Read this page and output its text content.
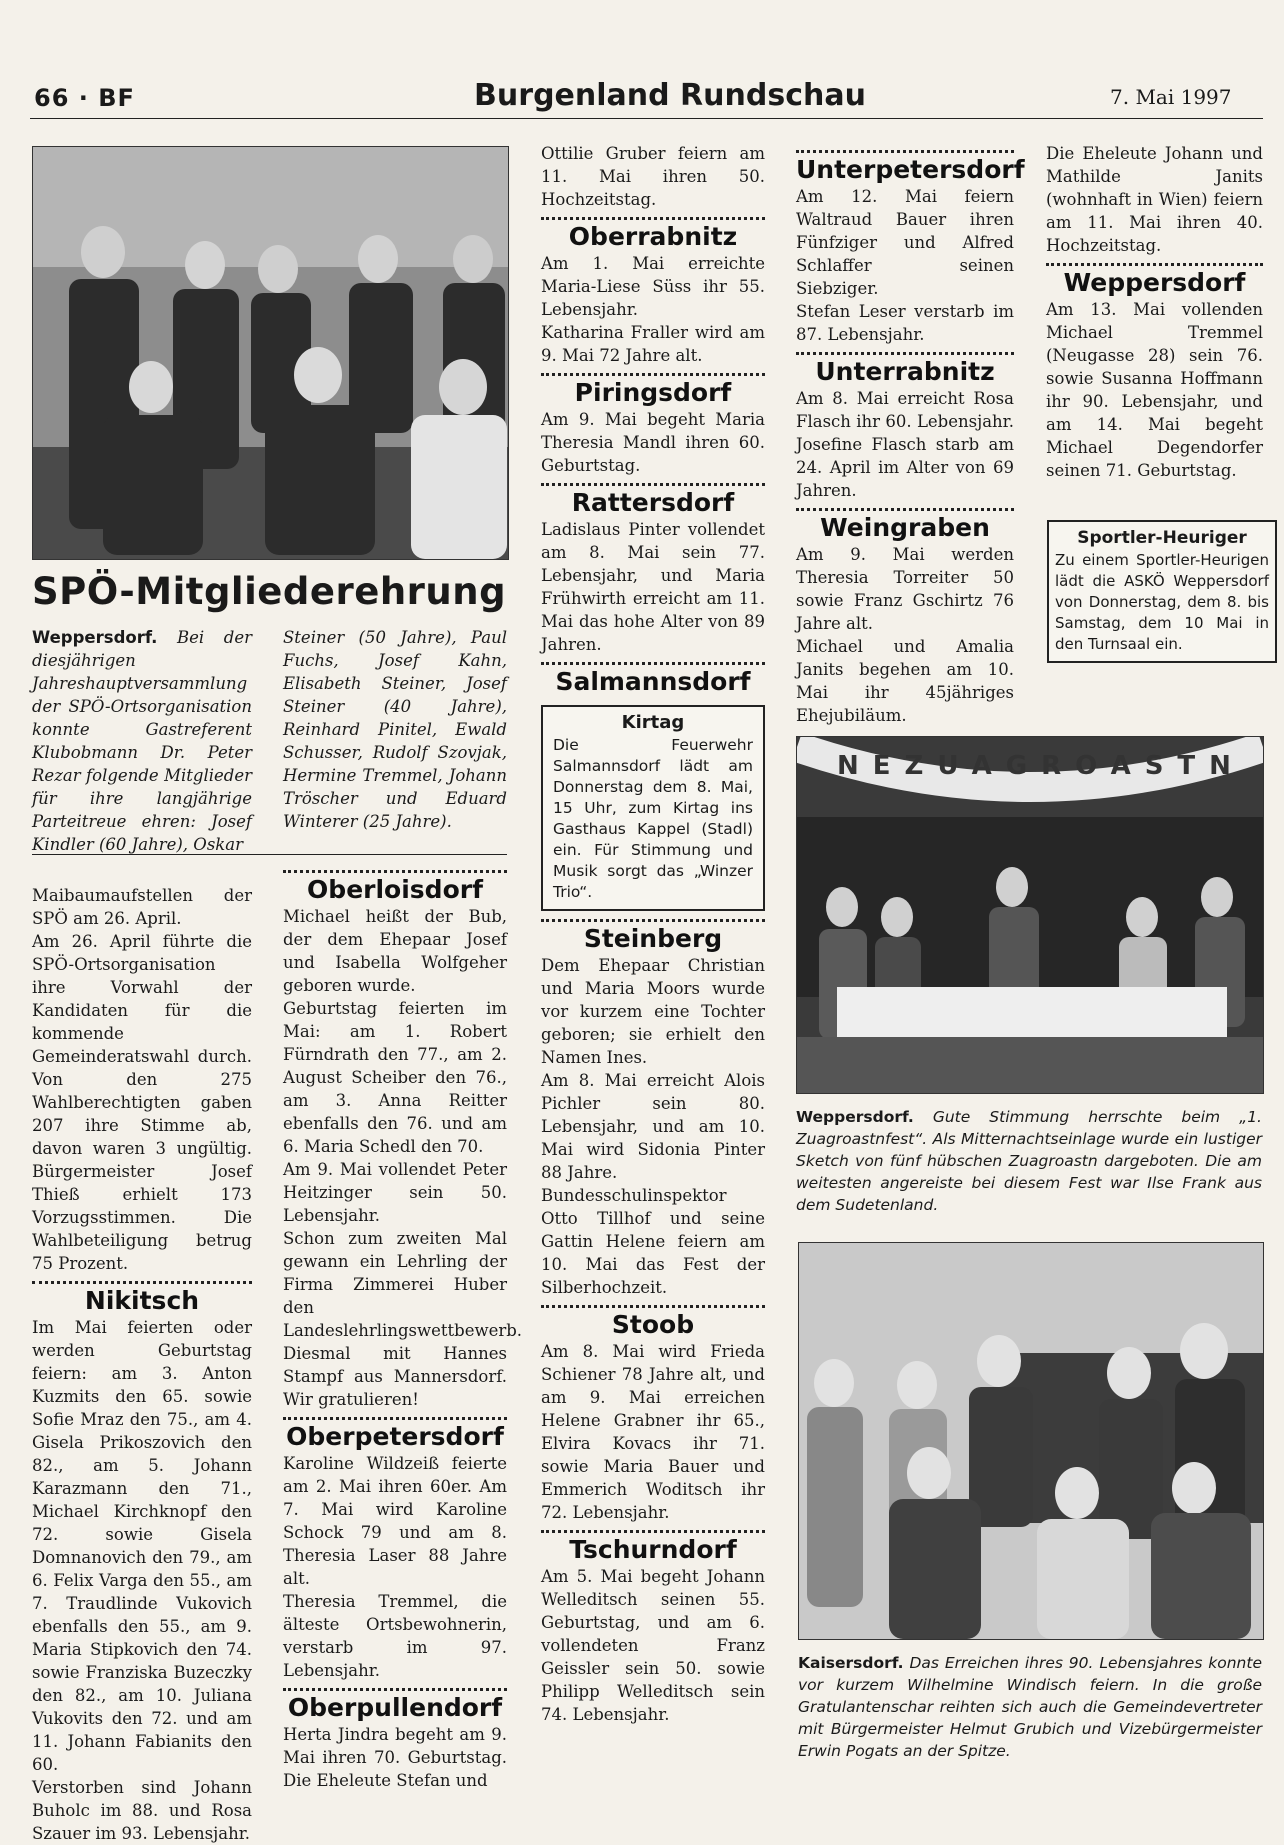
66 · BF	Burgenland Rundschau	7. Mai 1997
SPÖ-Mitgliederehrung
Weppersdorf. Bei der diesjährigen Jahreshauptversammlung der SPÖ-Ortsorganisation konnte Gastreferent Klubobmann Dr. Peter Rezar folgende Mitglieder für ihre langjährige Parteitreue ehren: Josef Kindler (60 Jahre), Oskar
Steiner (50 Jahre), Paul Fuchs, Josef Kahn, Elisabeth Steiner, Josef Steiner (40 Jahre), Reinhard Pinitel, Ewald Schusser, Rudolf Szovjak, Hermine Tremmel, Johann Tröscher und Eduard Winterer (25 Jahre).

Maibaumaufstellen der SPÖ am 26. April.

Am 26. April führte die SPÖ-Ortsorganisation ihre Vorwahl der Kandidaten für die kommende Gemeinderatswahl durch. Von den 275 Wahlberechtigten gaben 207 ihre Stimme ab, davon waren 3 ungültig. Bürgermeister Josef Thieß erhielt 173 Vorzugsstimmen. Die Wahlbeteiligung betrug 75 Prozent.

Nikitsch

Im Mai feierten oder werden Geburtstag feiern: am 3. Anton Kuzmits den 65. sowie Sofie Mraz den 75., am 4. Gisela Prikoszovich den 82., am 5. Johann Karazmann den 71., Michael Kirchknopf den 72. sowie Gisela Domnanovich den 79., am 6. Felix Varga den 55., am 7. Traudlinde Vukovich ebenfalls den 55., am 9. Maria Stipkovich den 74. sowie Franziska Buzeczky den 82., am 10. Juliana Vukovits den 72. und am 11. Johann Fabianits den 60.

Verstorben sind Johann Buholc im 88. und Rosa Szauer im 93. Lebensjahr.

Oberloisdorf

Michael heißt der Bub, der dem Ehepaar Josef und Isabella Wolfgeher geboren wurde.

Geburtstag feierten im Mai: am 1. Robert Fürndrath den 77., am 2. August Scheiber den 76., am 3. Anna Reitter ebenfalls den 76. und am 6. Maria Schedl den 70.

Am 9. Mai vollendet Peter Heitzinger sein 50. Lebensjahr.

Schon zum zweiten Mal gewann ein Lehrling der Firma Zimmerei Huber den Landeslehrlingswettbewerb. Diesmal mit Hannes Stampf aus Mannersdorf. Wir gratulieren!

Oberpetersdorf

Karoline Wildzeiß feierte am 2. Mai ihren 60er. Am 7. Mai wird Karoline Schock 79 und am 8. Theresia Laser 88 Jahre alt.

Theresia Tremmel, die älteste Ortsbewohnerin, verstarb im 97. Lebensjahr.

Oberpullendorf

Herta Jindra begeht am 9. Mai ihren 70. Geburtstag. Die Eheleute Stefan und

Ottilie Gruber feiern am 11. Mai ihren 50. Hochzeitstag.

Oberrabnitz

Am 1. Mai erreichte Maria-Liese Süss ihr 55. Lebensjahr.

Katharina Fraller wird am 9. Mai 72 Jahre alt.

Piringsdorf

Am 9. Mai begeht Maria Theresia Mandl ihren 60. Geburtstag.

Rattersdorf

Ladislaus Pinter vollendet am 8. Mai sein 77. Lebensjahr, und Maria Frühwirth erreicht am 11. Mai das hohe Alter von 89 Jahren.

Salmannsdorf
Kirtag
Die Feuerwehr Salmannsdorf lädt am Donnerstag dem 8. Mai, 15 Uhr, zum Kirtag ins Gasthaus Kappel (Stadl) ein. Für Stimmung und Musik sorgt das „Winzer Trio“.
Steinberg

Dem Ehepaar Christian und Maria Moors wurde vor kurzem eine Tochter geboren; sie erhielt den Namen Ines.

Am 8. Mai erreicht Alois Pichler sein 80. Lebensjahr, und am 10. Mai wird Sidonia Pinter 88 Jahre.

Bundesschulinspektor Otto Tillhof und seine Gattin Helene feiern am 10. Mai das Fest der Silberhochzeit.

Stoob

Am 8. Mai wird Frieda Schiener 78 Jahre alt, und am 9. Mai erreichen Helene Grabner ihr 65., Elvira Kovacs ihr 71. sowie Maria Bauer und Emmerich Woditsch ihr 72. Lebensjahr.

Tschurndorf

Am 5. Mai begeht Johann Welleditsch seinen 55. Geburtstag, und am 6. vollendeten Franz Geissler sein 50. sowie Philipp Welleditsch sein 74. Lebensjahr.

Unterpetersdorf

Am 12. Mai feiern Waltraud Bauer ihren Fünfziger und Alfred Schlaffer seinen Siebziger.

Stefan Leser verstarb im 87. Lebensjahr.

Unterrabnitz

Am 8. Mai erreicht Rosa Flasch ihr 60. Lebensjahr. Josefine Flasch starb am 24. April im Alter von 69 Jahren.

Weingraben

Am 9. Mai werden Theresia Torreiter 50 sowie Franz Gschirtz 76 Jahre alt.

Michael und Amalia Janits begehen am 10. Mai ihr 45jähriges Ehejubiläum.

Die Eheleute Johann und Mathilde Janits (wohnhaft in Wien) feiern am 11. Mai ihren 40. Hochzeitstag.

Weppersdorf

Am 13. Mai vollenden Michael Tremmel (Neugasse 28) sein 76. sowie Susanna Hoffmann ihr 90. Lebensjahr, und am 14. Mai begeht Michael Degendorfer seinen 71. Geburtstag.

Sportler-Heuriger
Zu einem Sportler-Heurigen lädt die ASKÖ Weppersdorf von Donnerstag, dem 8. bis Samstag, dem 10 Mai in den Turnsaal ein.
NEZUAGROASTN
Weppersdorf. Gute Stimmung herrschte beim „1. Zuagroastnfest“. Als Mitternachtseinlage wurde ein lustiger Sketch von fünf hübschen Zuagroastn dargeboten. Die am weitesten angereiste bei diesem Fest war Ilse Frank aus dem Sudetenland.
Kaisersdorf. Das Erreichen ihres 90. Lebensjahres konnte vor kurzem Wilhelmine Windisch feiern. In die große Gratulantenschar reihten sich auch die Gemeindevertreter mit Bürgermeister Helmut Grubich und Vizebürgermeister Erwin Pogats an der Spitze.
